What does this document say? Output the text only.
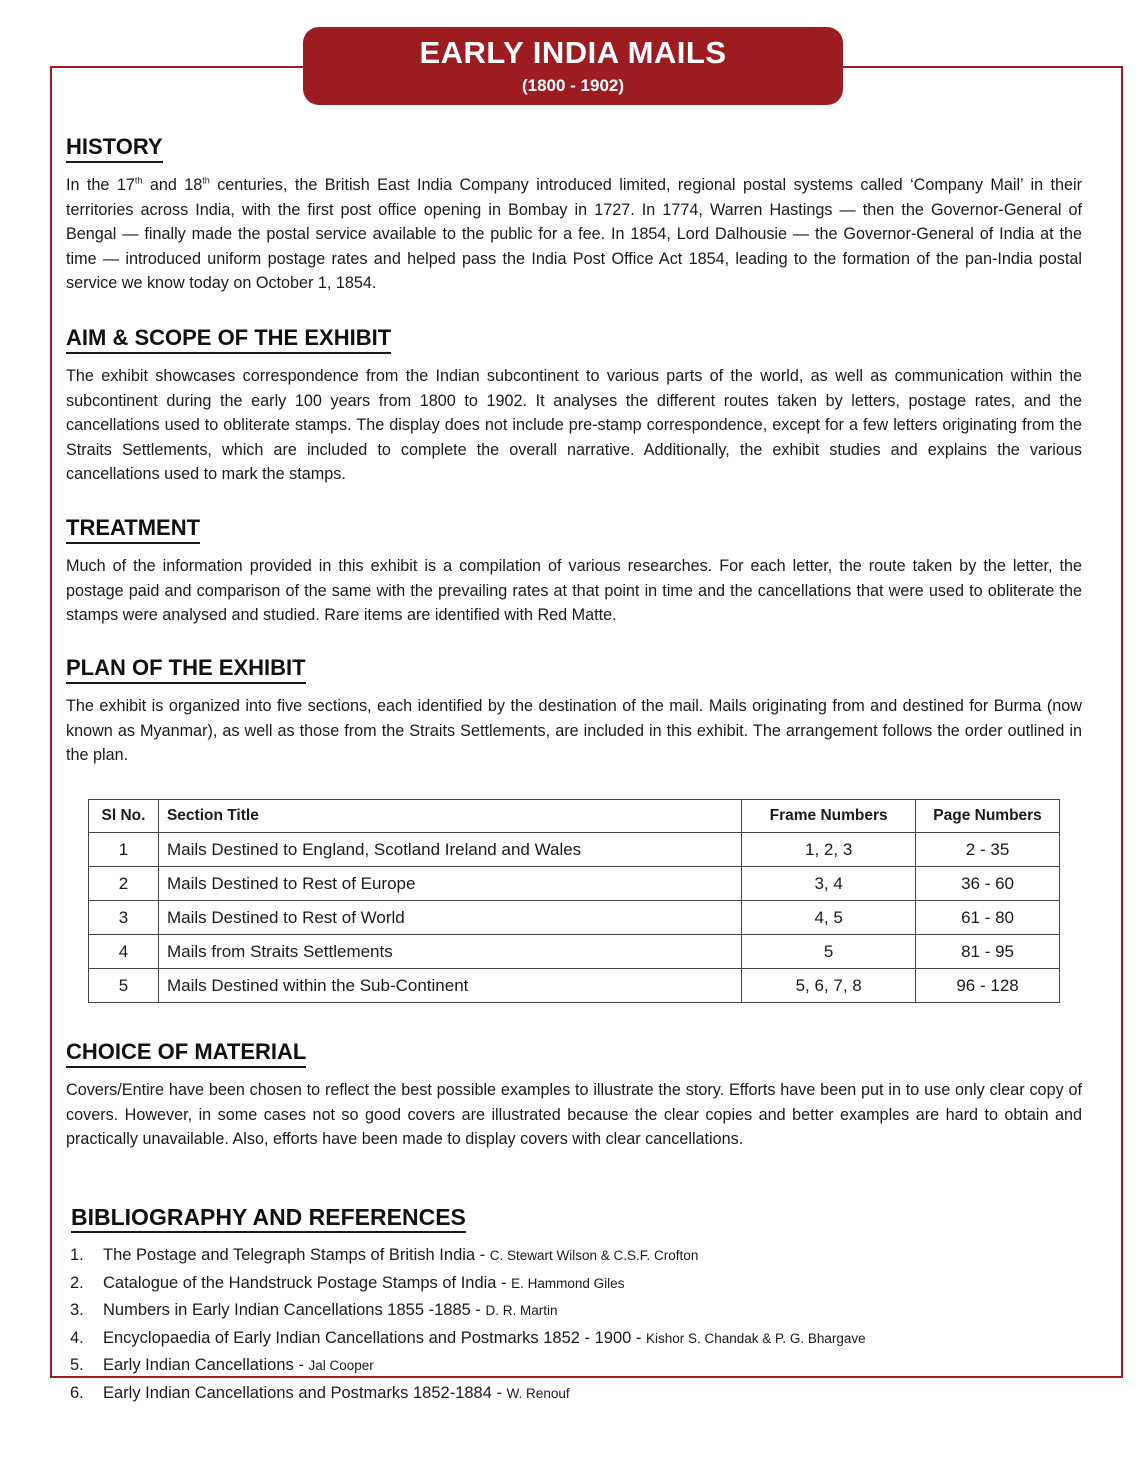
EARLY INDIA MAILS
(1800 - 1902)
HISTORY
In the 17th and 18th centuries, the British East India Company introduced limited, regional postal systems called ‘Company Mail’ in their territories across India, with the first post office opening in Bombay in 1727. In 1774, Warren Hastings — then the Governor-General of Bengal — finally made the postal service available to the public for a fee. In 1854, Lord Dalhousie — the Governor-General of India at the time — introduced uniform postage rates and helped pass the India Post Office Act 1854, leading to the formation of the pan-India postal service we know today on October 1, 1854.
AIM & SCOPE OF THE EXHIBIT
The exhibit showcases correspondence from the Indian subcontinent to various parts of the world, as well as communication within the subcontinent during the early 100 years from 1800 to 1902. It analyses the different routes taken by letters, postage rates, and the cancellations used to obliterate stamps. The display does not include pre-stamp correspondence, except for a few letters originating from the Straits Settlements, which are included to complete the overall narrative. Additionally, the exhibit studies and explains the various cancellations used to mark the stamps.
TREATMENT
Much of the information provided in this exhibit is a compilation of various researches. For each letter, the route taken by the letter, the postage paid and comparison of the same with the prevailing rates at that point in time and the cancellations that were used to obliterate the stamps were analysed and studied. Rare items are identified with Red Matte.
PLAN OF THE EXHIBIT
The exhibit is organized into five sections, each identified by the destination of the mail. Mails originating from and destined for Burma (now known as Myanmar), as well as those from the Straits Settlements, are included in this exhibit. The arrangement follows the order outlined in the plan.
Sl No.	Section Title	Frame Numbers	Page Numbers
1	Mails Destined to England, Scotland Ireland and Wales	1, 2, 3	2 - 35
2	Mails Destined to Rest of Europe	3, 4	36 - 60
3	Mails Destined to Rest of World	4, 5	61 - 80
4	Mails from Straits Settlements	5	81 - 95
5	Mails Destined within the Sub-Continent	5, 6, 7, 8	96 - 128
CHOICE OF MATERIAL
Covers/Entire have been chosen to reflect the best possible examples to illustrate the story. Efforts have been put in to use only clear copy of covers. However, in some cases not so good covers are illustrated because the clear copies and better examples are hard to obtain and practically unavailable. Also, efforts have been made to display covers with clear cancellations.
BIBLIOGRAPHY AND REFERENCES
1. The Postage and Telegraph Stamps of British India - C. Stewart Wilson & C.S.F. Crofton
2. Catalogue of the Handstruck Postage Stamps of India - E. Hammond Giles
3. Numbers in Early Indian Cancellations 1855 -1885 - D. R. Martin
4. Encyclopaedia of Early Indian Cancellations and Postmarks 1852 - 1900 - Kishor S. Chandak & P. G. Bhargave
5. Early Indian Cancellations - Jal Cooper
6. Early Indian Cancellations and Postmarks 1852-1884 - W. Renouf
